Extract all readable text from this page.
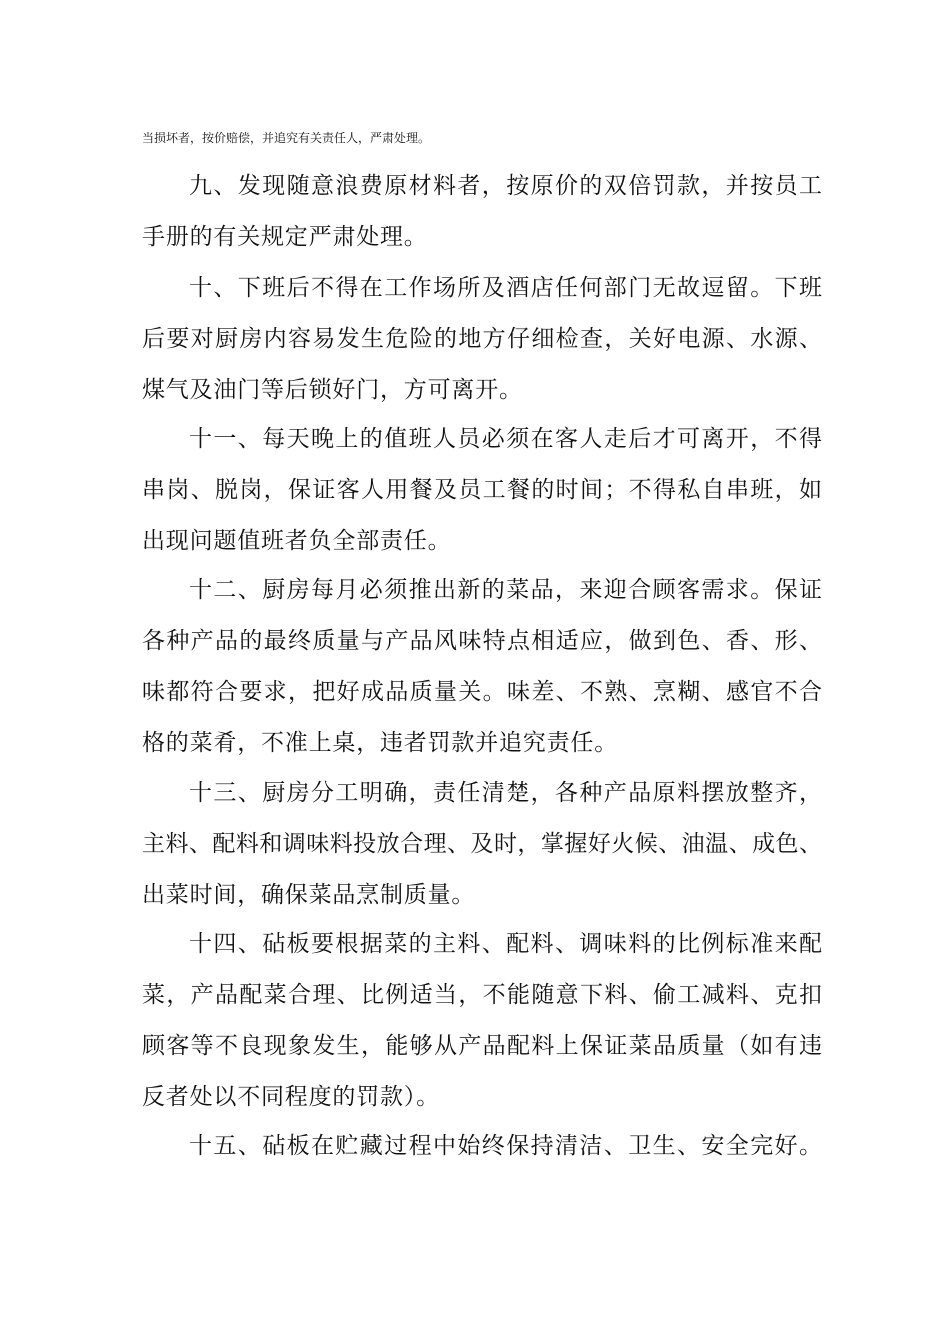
当损坏者，按价赔偿，并追究有关责任人，严肃处理。
九、发现随意浪费原材料者，按原价的双倍罚款，并按员工
手册的有关规定严肃处理。
十、下班后不得在工作场所及酒店任何部门无故逗留。下班
后要对厨房内容易发生危险的地方仔细检查，关好电源、水源、
煤气及油门等后锁好门，方可离开。
十一、每天晚上的值班人员必须在客人走后才可离开，不得
串岗、脱岗，保证客人用餐及员工餐的时间；不得私自串班，如
出现问题值班者负全部责任。
十二、厨房每月必须推出新的菜品，来迎合顾客需求。保证
各种产品的最终质量与产品风味特点相适应，做到色、香、形、
味都符合要求，把好成品质量关。味差、不熟、烹糊、感官不合
格的菜肴，不准上桌，违者罚款并追究责任。
十三、厨房分工明确，责任清楚，各种产品原料摆放整齐，
主料、配料和调味料投放合理、及时，掌握好火候、油温、成色、
出菜时间，确保菜品烹制质量。
十四、砧板要根据菜的主料、配料、调味料的比例标准来配
菜，产品配菜合理、比例适当，不能随意下料、偷工减料、克扣
顾客等不良现象发生，能够从产品配料上保证菜品质量（如有违
反者处以不同程度的罚款）。
十五、砧板在贮藏过程中始终保持清洁、卫生、安全完好。
